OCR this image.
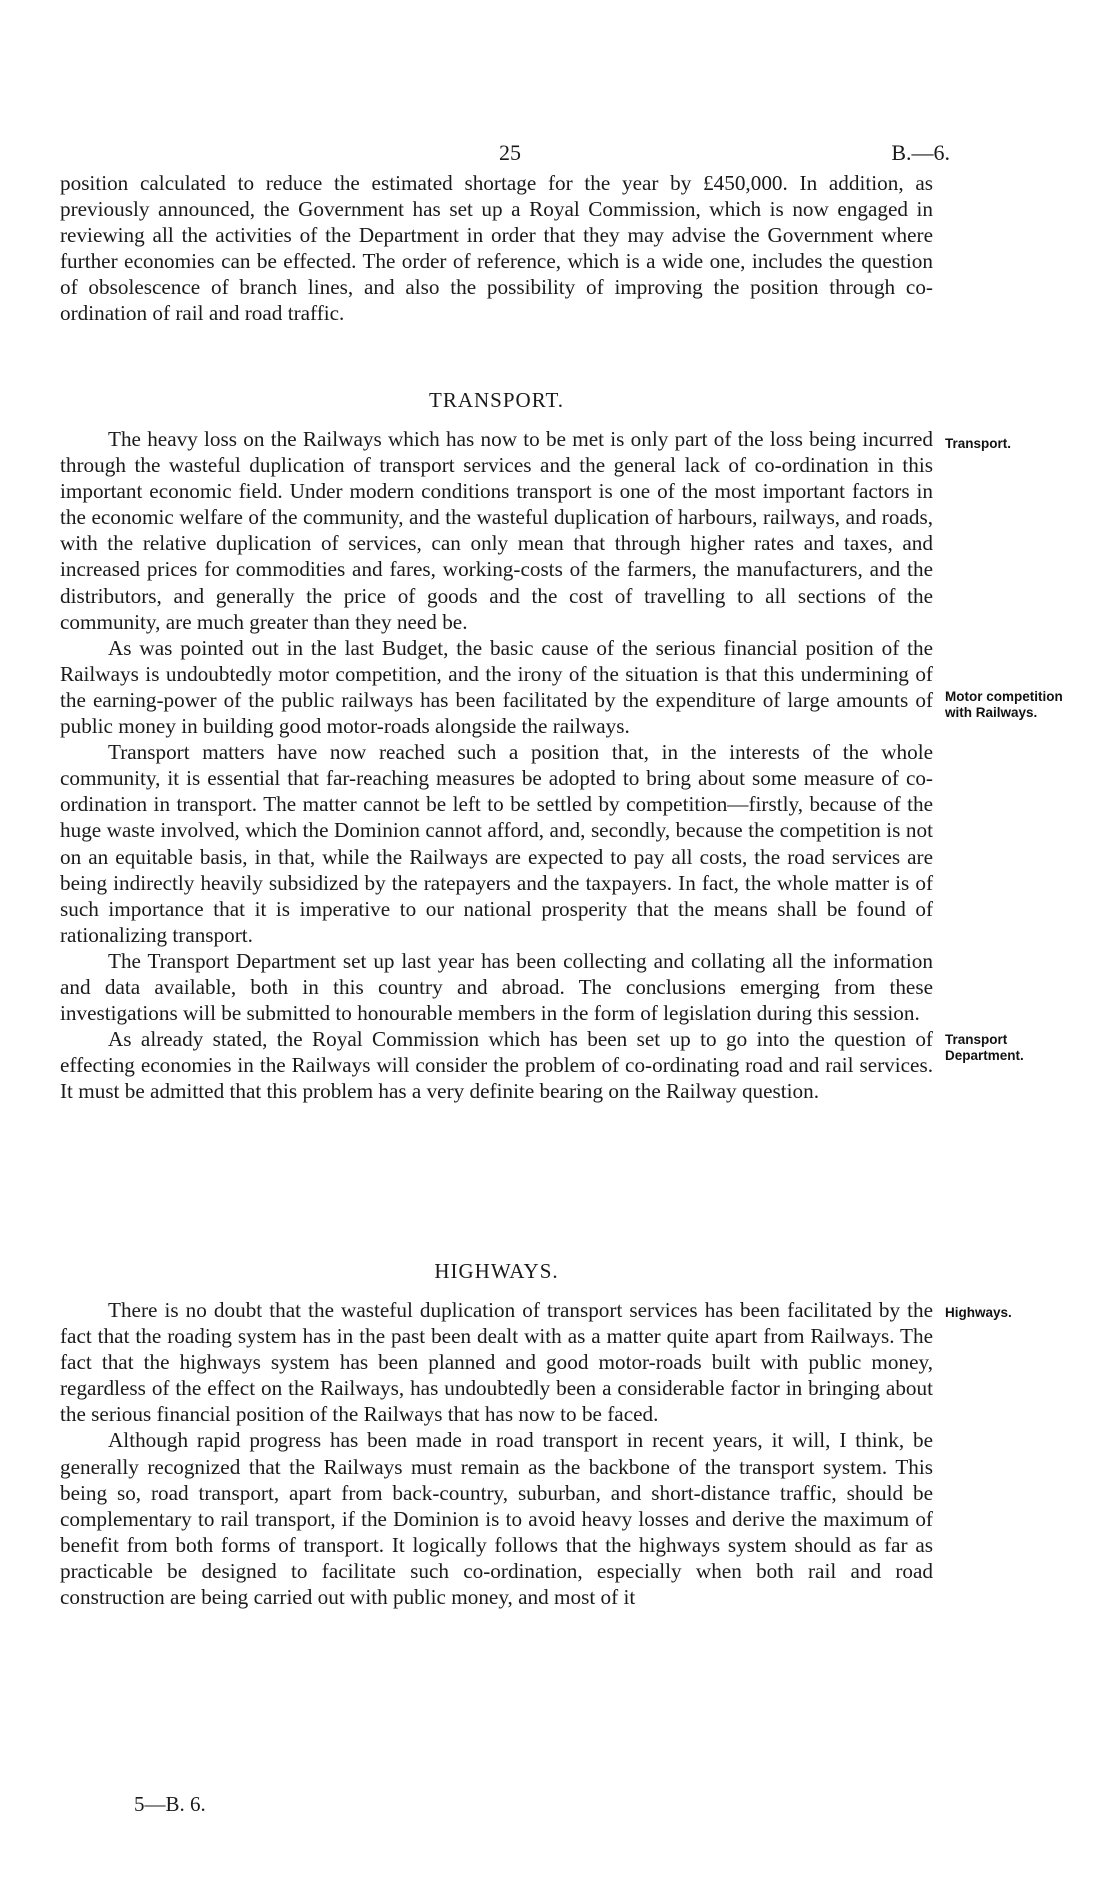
25	B.—6.

position calculated to reduce the estimated shortage for the year by £450,000. In addition, as previously announced, the Government has set up a Royal Commission, which is now engaged in reviewing all the activities of the Department in order that they may advise the Government where further economies can be effected. The order of reference, which is a wide one, includes the question of obsolescence of branch lines, and also the possibility of improving the position through co-ordination of rail and road traffic.

TRANSPORT.

The heavy loss on the Railways which has now to be met is only part of the loss being incurred through the wasteful duplication of transport services and the general lack of co-ordination in this important economic field. Under modern conditions transport is one of the most important factors in the economic welfare of the community, and the wasteful duplication of harbours, railways, and roads, with the relative duplication of services, can only mean that through higher rates and taxes, and increased prices for commodities and fares, working-costs of the farmers, the manufacturers, and the distributors, and generally the price of goods and the cost of travelling to all sections of the community, are much greater than they need be.

As was pointed out in the last Budget, the basic cause of the serious financial position of the Railways is undoubtedly motor competition, and the irony of the situation is that this undermining of the earning-power of the public railways has been facilitated by the expenditure of large amounts of public money in building good motor-roads alongside the railways.

Transport matters have now reached such a position that, in the interests of the whole community, it is essential that far-reaching measures be adopted to bring about some measure of co-ordination in transport. The matter cannot be left to be settled by competition—firstly, because of the huge waste involved, which the Dominion cannot afford, and, secondly, because the competition is not on an equitable basis, in that, while the Railways are expected to pay all costs, the road services are being indirectly heavily subsidized by the ratepayers and the taxpayers. In fact, the whole matter is of such importance that it is imperative to our national prosperity that the means shall be found of rationalizing transport.

The Transport Department set up last year has been collecting and collating all the information and data available, both in this country and abroad. The conclusions emerging from these investigations will be submitted to honourable members in the form of legislation during this session.

As already stated, the Royal Commission which has been set up to go into the question of effecting economies in the Railways will consider the problem of co-ordinating road and rail services. It must be admitted that this problem has a very definite bearing on the Railway question.

HIGHWAYS.

There is no doubt that the wasteful duplication of transport services has been facilitated by the fact that the roading system has in the past been dealt with as a matter quite apart from Railways. The fact that the highways system has been planned and good motor-roads built with public money, regardless of the effect on the Railways, has undoubtedly been a considerable factor in bringing about the serious financial position of the Railways that has now to be faced.

Although rapid progress has been made in road transport in recent years, it will, I think, be generally recognized that the Railways must remain as the backbone of the transport system. This being so, road transport, apart from back-country, suburban, and short-distance traffic, should be complementary to rail transport, if the Dominion is to avoid heavy losses and derive the maximum of benefit from both forms of transport. It logically follows that the highways system should as far as practicable be designed to facilitate such co-ordination, especially when both rail and road construction are being carried out with public money, and most of it

Transport.
Motor competition
with Railways.
Transport
Department.
Highways.
5—B. 6.
